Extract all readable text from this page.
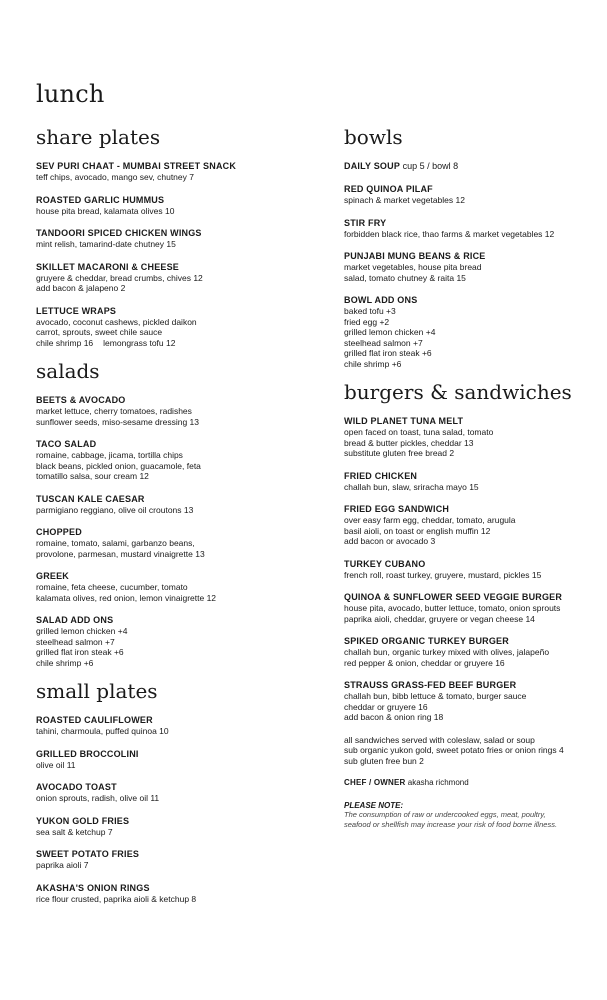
lunch
share plates

SEV PURI CHAAT - MUMBAI STREET SNACK

teff chips, avocado, mango sev, chutney 7

ROASTED GARLIC HUMMUS

house pita bread, kalamata olives 10

TANDOORI SPICED CHICKEN WINGS

mint relish, tamarind-date chutney 15

SKILLET MACARONI & CHEESE

gruyere & cheddar, bread crumbs, chives 12
add bacon & jalapeno 2

LETTUCE WRAPS

avocado, coconut cashews, pickled daikon
carrot, sprouts, sweet chile sauce

chile shrimp 16 lemongrass tofu 12

salads

BEETS & AVOCADO

market lettuce, cherry tomatoes, radishes
sunflower seeds, miso-sesame dressing 13

TACO SALAD

romaine, cabbage, jicama, tortilla chips
black beans, pickled onion, guacamole, feta
tomatillo salsa, sour cream 12

TUSCAN KALE CAESAR

parmigiano reggiano, olive oil croutons 13

CHOPPED

romaine, tomato, salami, garbanzo beans,
provolone, parmesan, mustard vinaigrette 13

GREEK

romaine, feta cheese, cucumber, tomato
kalamata olives, red onion, lemon vinaigrette 12

SALAD ADD ONS

grilled lemon chicken +4
steelhead salmon +7
grilled flat iron steak +6
chile shrimp +6

small plates

ROASTED CAULIFLOWER

tahini, charmoula, puffed quinoa 10

GRILLED BROCCOLINI

olive oil 11

AVOCADO TOAST

onion sprouts, radish, olive oil 11

YUKON GOLD FRIES

sea salt & ketchup 7

SWEET POTATO FRIES

paprika aioli 7

AKASHA'S ONION RINGS

rice flour crusted, paprika aioli & ketchup 8

bowls

DAILY SOUP cup 5 / bowl 8

RED QUINOA PILAF

spinach & market vegetables 12

STIR FRY

forbidden black rice, thao farms & market vegetables 12

PUNJABI MUNG BEANS & RICE

market vegetables, house pita bread
salad, tomato chutney & raita 15

BOWL ADD ONS

baked tofu +3
fried egg +2
grilled lemon chicken +4
steelhead salmon +7
grilled flat iron steak +6
chile shrimp +6

burgers & sandwiches

WILD PLANET TUNA MELT

open faced on toast, tuna salad, tomato
bread & butter pickles, cheddar 13
substitute gluten free bread 2

FRIED CHICKEN

challah bun, slaw, sriracha mayo 15

FRIED EGG SANDWICH

over easy farm egg, cheddar, tomato, arugula
basil aioli, on toast or english muffin 12
add bacon or avocado 3

TURKEY CUBANO

french roll, roast turkey, gruyere, mustard, pickles 15

QUINOA & SUNFLOWER SEED VEGGIE BURGER

house pita, avocado, butter lettuce, tomato, onion sprouts
paprika aioli, cheddar, gruyere or vegan cheese 14

SPIKED ORGANIC TURKEY BURGER

challah bun, organic turkey mixed with olives, jalapeño
red pepper & onion, cheddar or gruyere 16

STRAUSS GRASS-FED BEEF BURGER

challah bun, bibb lettuce & tomato, burger sauce
cheddar or gruyere 16
add bacon & onion ring 18

all sandwiches served with coleslaw, salad or soup
sub organic yukon gold, sweet potato fries or onion rings 4
sub gluten free bun 2

CHEF / OWNER akasha richmond

PLEASE NOTE:

The consumption of raw or undercooked eggs, meat, poultry,
seafood or shellfish may increase your risk of food borne illness.
